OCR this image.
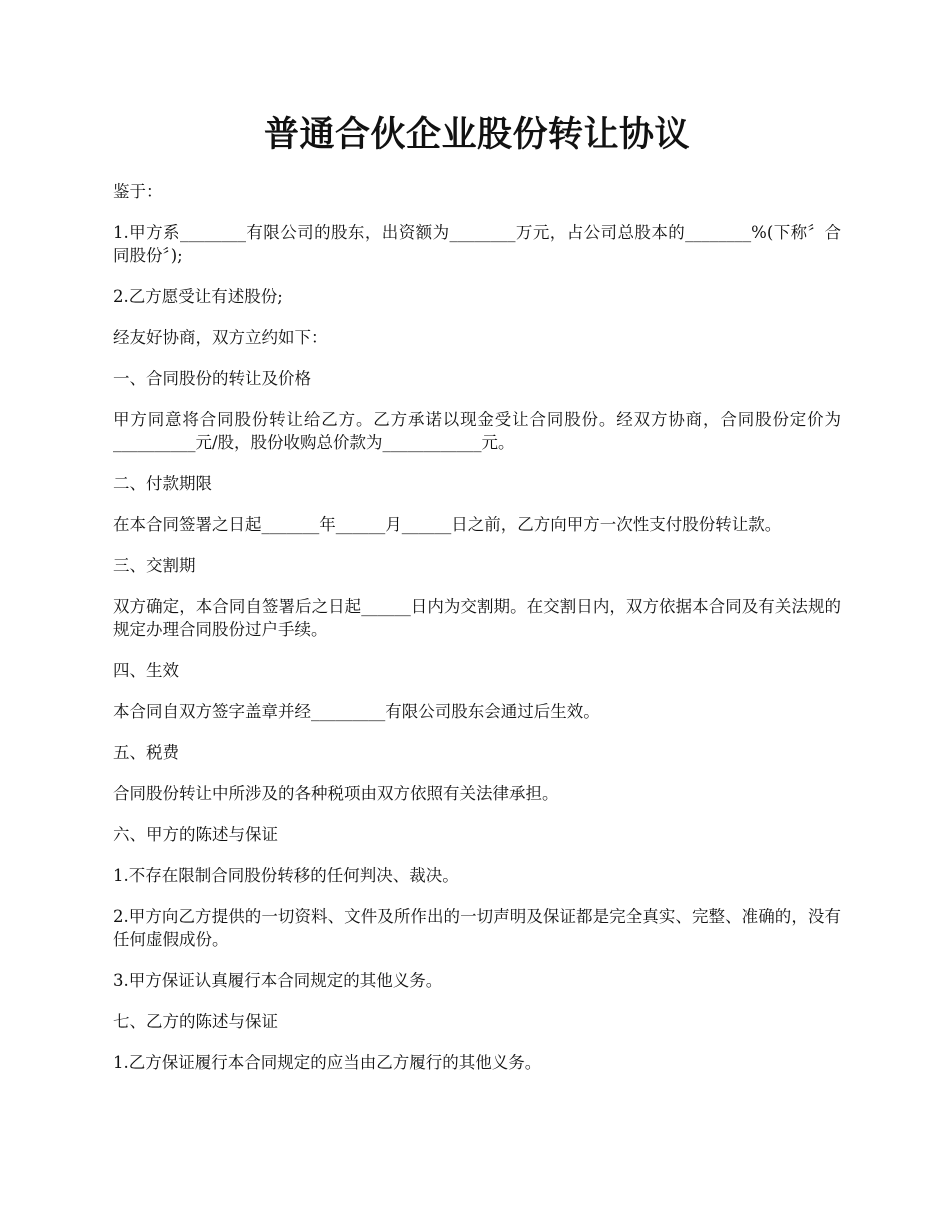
普通合伙企业股份转让协议

鉴于：

1.甲方系________有限公司的股东，出资额为________万元，占公司总股本的________%(下称〞合同股份〞);

2.乙方愿受让有述股份;

经友好协商，双方立约如下：

一、合同股份的转让及价格

甲方同意将合同股份转让给乙方。乙方承诺以现金受让合同股份。经双方协商，合同股份定价为__________元/股，股份收购总价款为____________元。

二、付款期限

在本合同签署之日起_______年______月______日之前，乙方向甲方一次性支付股份转让款。

三、交割期

双方确定，本合同自签署后之日起______日内为交割期。在交割日内，双方依据本合同及有关法规的规定办理合同股份过户手续。

四、生效

本合同自双方签字盖章并经_________有限公司股东会通过后生效。

五、税费

合同股份转让中所涉及的各种税项由双方依照有关法律承担。

六、甲方的陈述与保证

1.不存在限制合同股份转移的任何判决、裁决。

2.甲方向乙方提供的一切资料、文件及所作出的一切声明及保证都是完全真实、完整、准确的，没有任何虚假成份。

3.甲方保证认真履行本合同规定的其他义务。

七、乙方的陈述与保证

1.乙方保证履行本合同规定的应当由乙方履行的其他义务。
